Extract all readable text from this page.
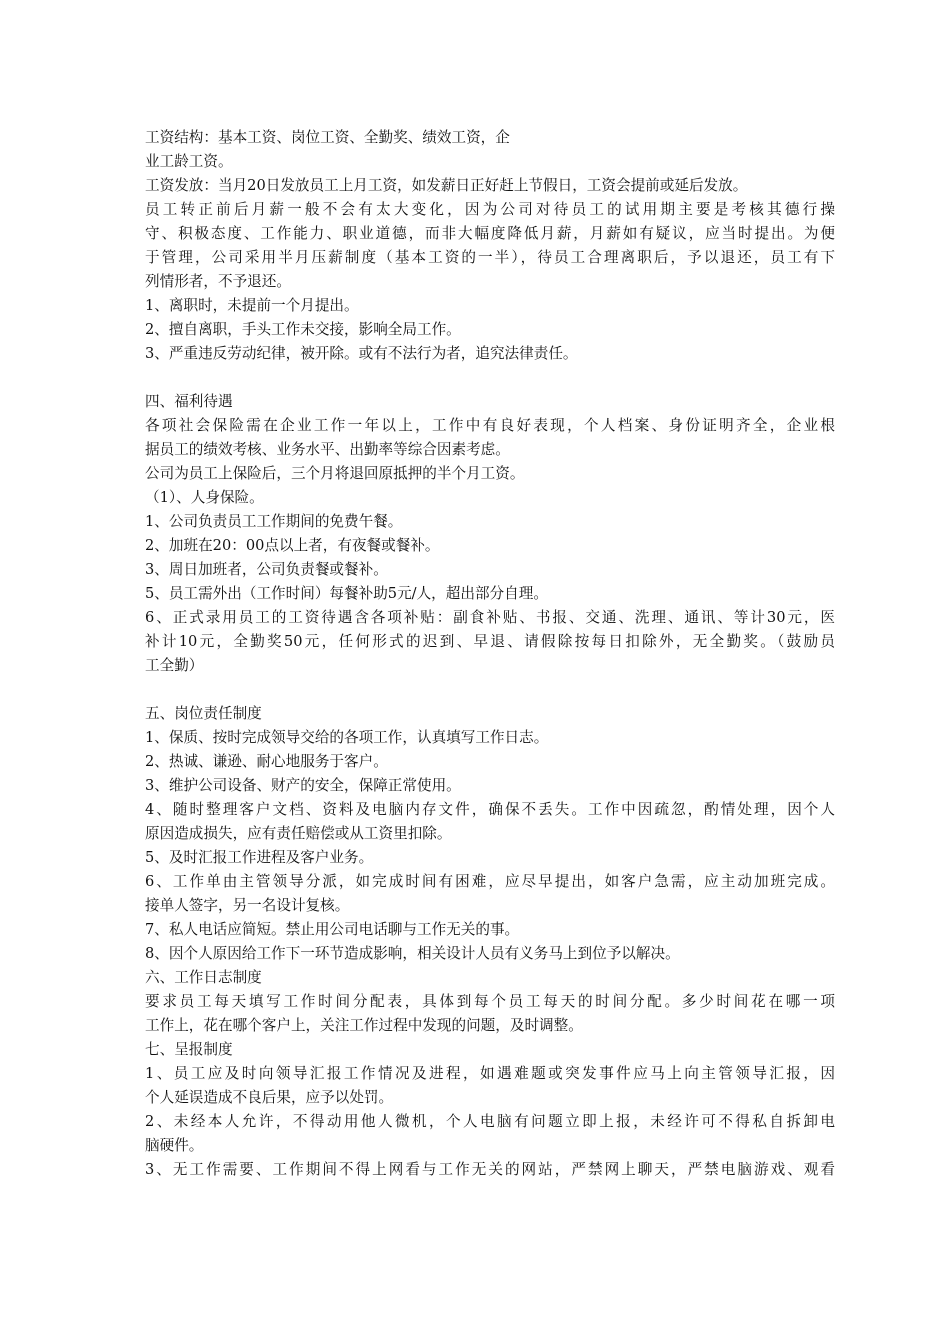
工资结构：基本工资、岗位工资、全勤奖、绩效工资，企
业工龄工资。
工资发放：当月20日发放员工上月工资，如发薪日正好赶上节假日，工资会提前或延后发放。
员工转正前后月薪一般不会有太大变化，因为公司对待员工的试用期主要是考核其德行操
守、积极态度、工作能力、职业道德，而非大幅度降低月薪，月薪如有疑议，应当时提出。为便
于管理，公司采用半月压薪制度（基本工资的一半），待员工合理离职后，予以退还，员工有下
列情形者，不予退还。
1、离职时，未提前一个月提出。
2、擅自离职，手头工作未交接，影响全局工作。
3、严重违反劳动纪律，被开除。或有不法行为者，追究法律责任。
四、福利待遇
各项社会保险需在企业工作一年以上，工作中有良好表现，个人档案、身份证明齐全，企业根
据员工的绩效考核、业务水平、出勤率等综合因素考虑。
公司为员工上保险后，三个月将退回原抵押的半个月工资。
（1）、人身保险。
1、公司负责员工工作期间的免费午餐。
2、加班在20：00点以上者，有夜餐或餐补。
3、周日加班者，公司负责餐或餐补。
5、员工需外出（工作时间）每餐补助5元/人，超出部分自理。
6、正式录用员工的工资待遇含各项补贴：副食补贴、书报、交通、洗理、通讯、等计30元，医
补计10元，全勤奖50元，任何形式的迟到、早退、请假除按每日扣除外，无全勤奖。（鼓励员
工全勤）
五、岗位责任制度
1、保质、按时完成领导交给的各项工作，认真填写工作日志。
2、热诚、谦逊、耐心地服务于客户。
3、维护公司设备、财产的安全，保障正常使用。
4、随时整理客户文档、资料及电脑内存文件，确保不丢失。工作中因疏忽，酌情处理，因个人
原因造成损失，应有责任赔偿或从工资里扣除。
5、及时汇报工作进程及客户业务。
6、工作单由主管领导分派，如完成时间有困难，应尽早提出，如客户急需，应主动加班完成。
接单人签字，另一名设计复核。
7、私人电话应简短。禁止用公司电话聊与工作无关的事。
8、因个人原因给工作下一环节造成影响，相关设计人员有义务马上到位予以解决。
六、工作日志制度
要求员工每天填写工作时间分配表，具体到每个员工每天的时间分配。多少时间花在哪一项
工作上，花在哪个客户上，关注工作过程中发现的问题，及时调整。
七、呈报制度
1、员工应及时向领导汇报工作情况及进程，如遇难题或突发事件应马上向主管领导汇报，因
个人延误造成不良后果，应予以处罚。
2、未经本人允许，不得动用他人微机，个人电脑有问题立即上报，未经许可不得私自拆卸电
脑硬件。
3、无工作需要、工作期间不得上网看与工作无关的网站，严禁网上聊天，严禁电脑游戏、观看
